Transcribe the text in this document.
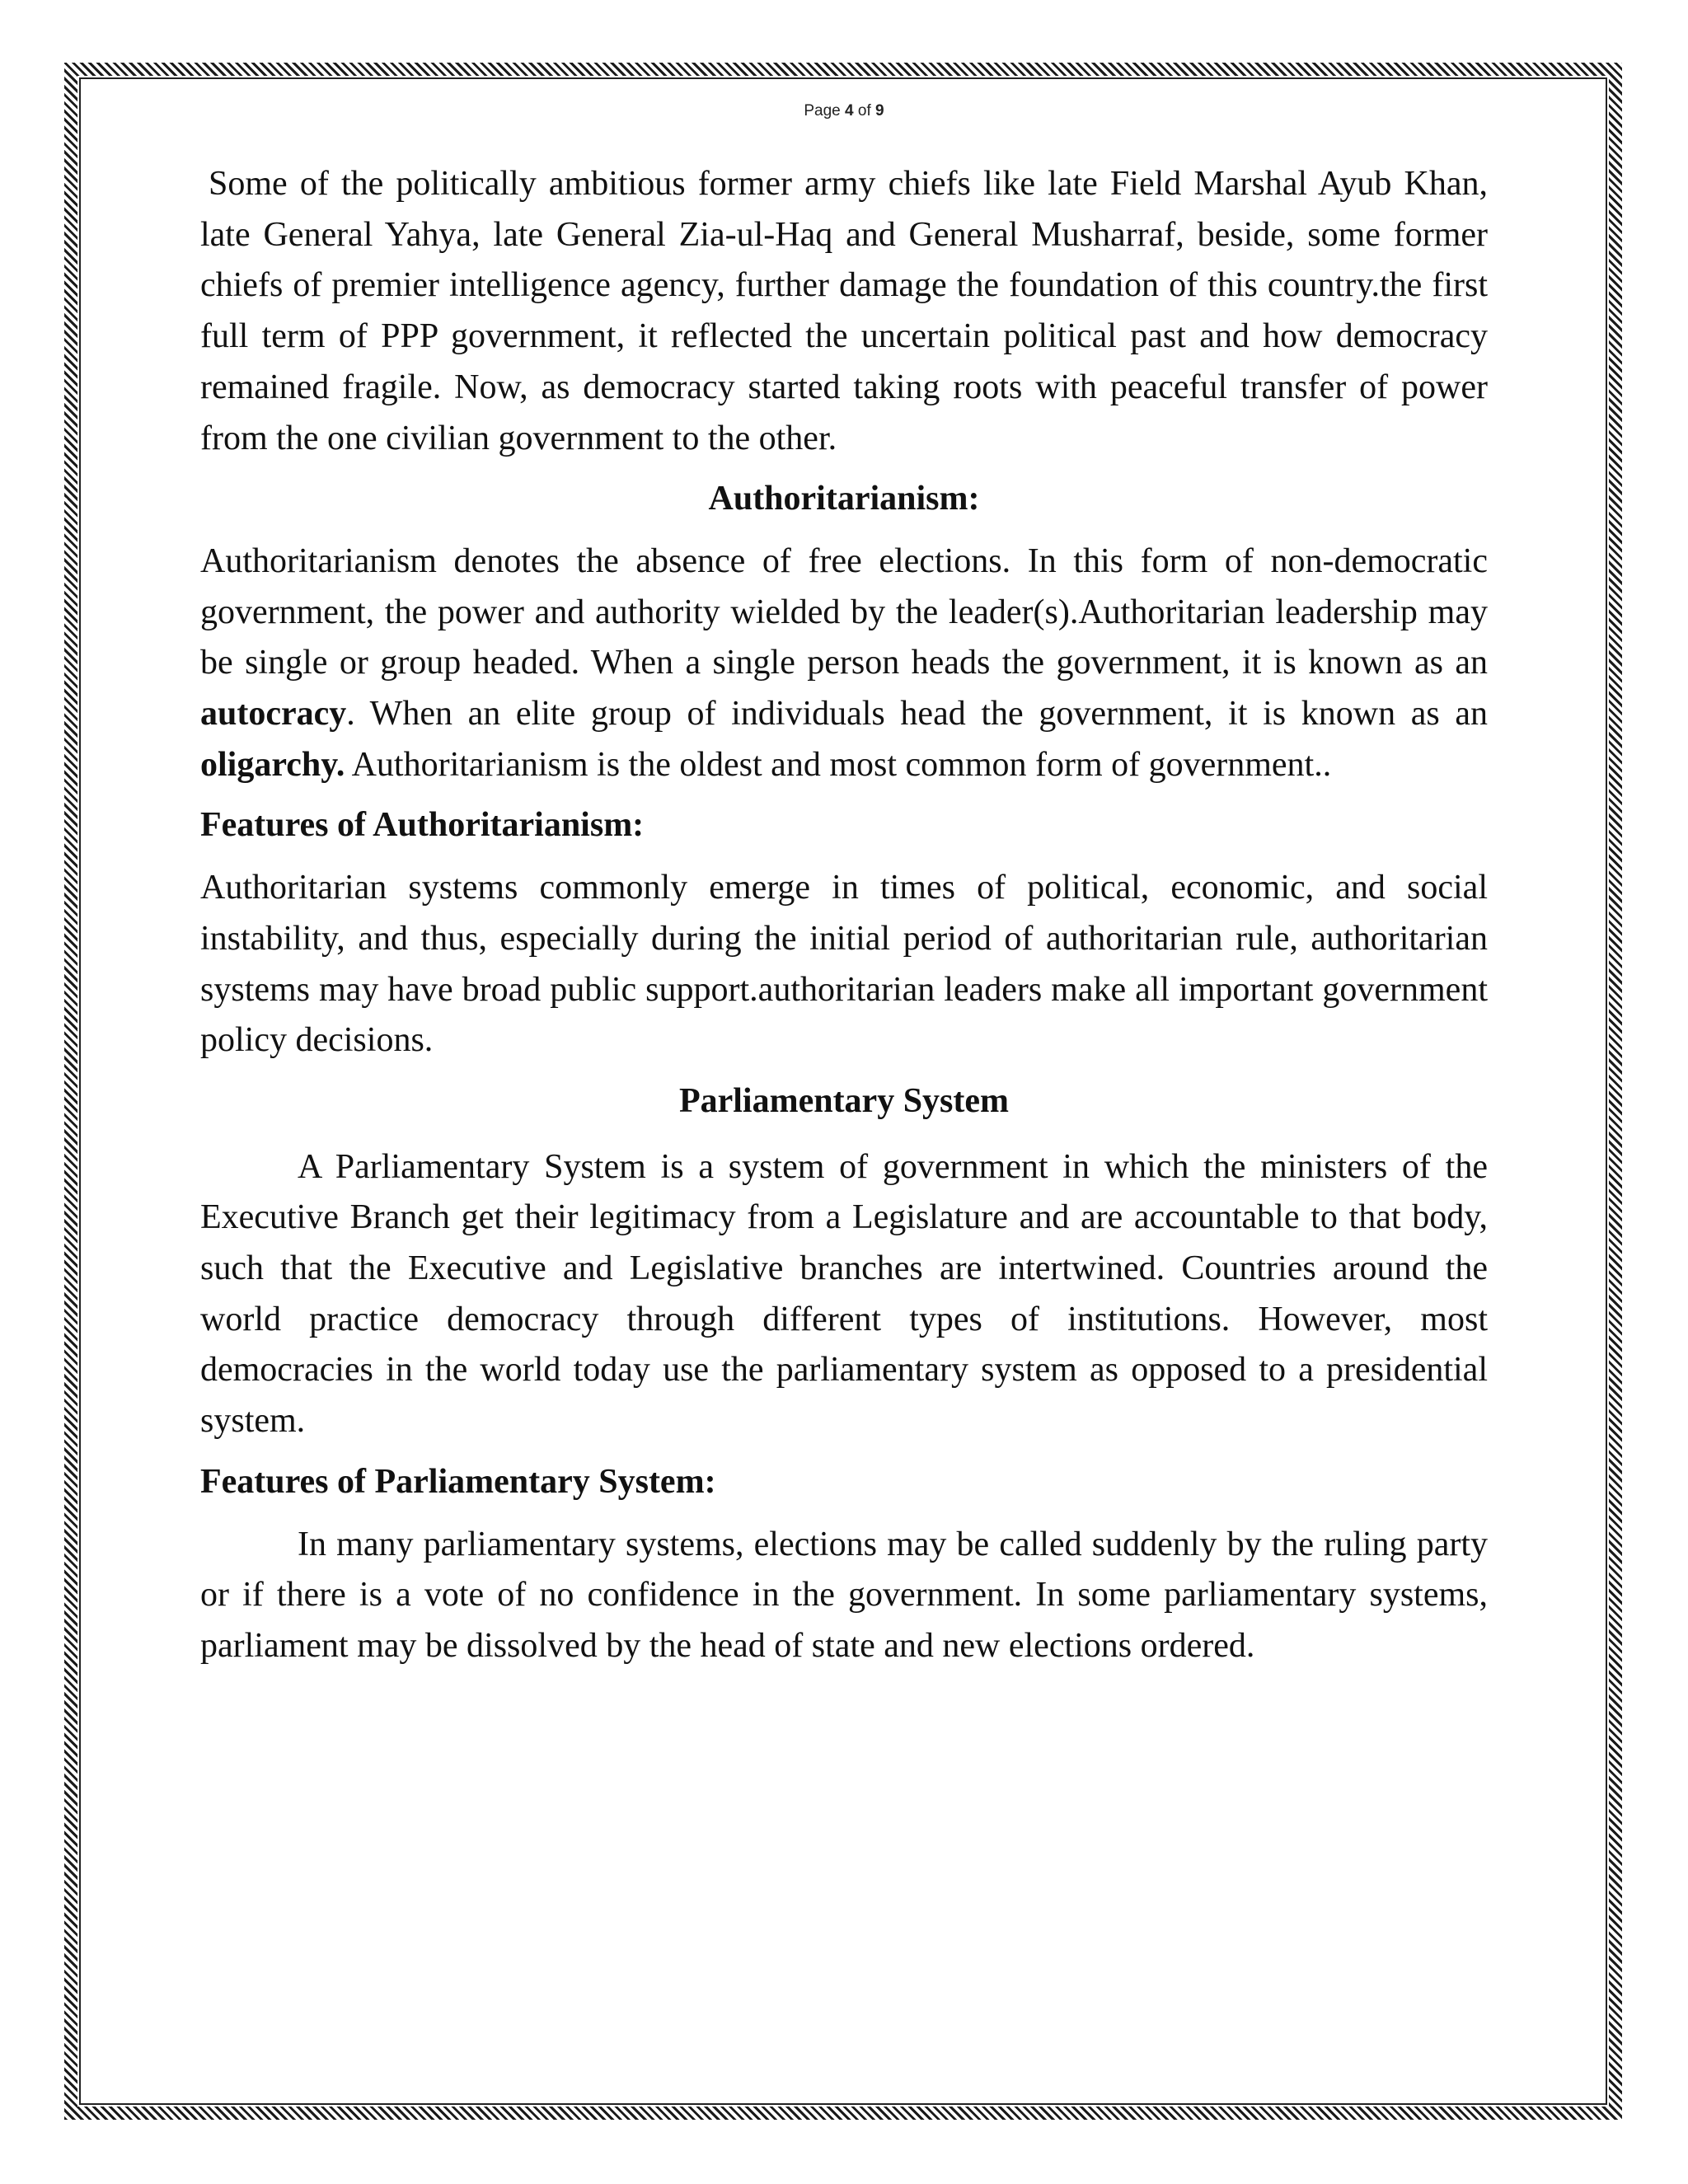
Page 4 of 9

Some of the politically ambitious former army chiefs like late Field Marshal Ayub Khan, late General Yahya, late General Zia-ul-Haq and General Musharraf, beside, some former chiefs of premier intelligence agency, further damage the foundation of this country.the first full term of PPP government, it reflected the uncertain political past and how democracy remained fragile. Now, as democracy started taking roots with peaceful transfer of power from the one civilian government to the other.

Authoritarianism:

Authoritarianism denotes the absence of free elections. In this form of non-democratic government, the power and authority wielded by the leader(s).Authoritarian leadership may be single or group headed. When a single person heads the government, it is known as an autocracy. When an elite group of individuals head the government, it is known as an oligarchy. Authoritarianism is the oldest and most common form of government..

Features of Authoritarianism:

Authoritarian systems commonly emerge in times of political, economic, and social instability, and thus, especially during the initial period of authoritarian rule, authoritarian systems may have broad public support.authoritarian leaders make all important government policy decisions.

Parliamentary System

A Parliamentary System is a system of government in which the ministers of the Executive Branch get their legitimacy from a Legislature and are accountable to that body, such that the Executive and Legislative branches are intertwined. Countries around the world practice democracy through different types of institutions. However, most democracies in the world today use the parliamentary system as opposed to a presidential system.

Features of Parliamentary System:

In many parliamentary systems, elections may be called suddenly by the ruling party or if there is a vote of no confidence in the government. In some parliamentary systems, parliament may be dissolved by the head of state and new elections ordered.
